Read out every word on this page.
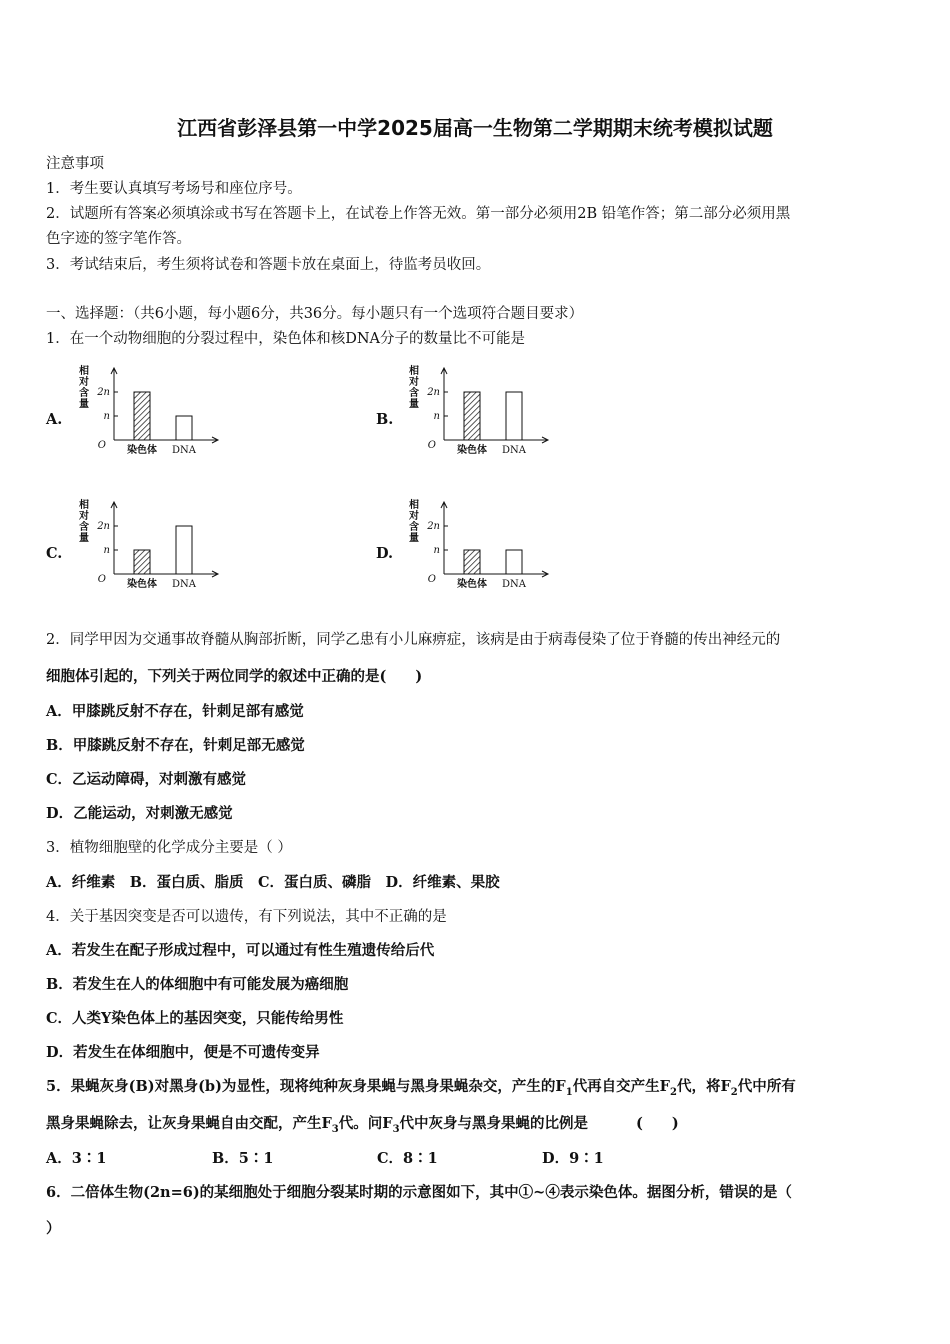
江西省彭泽县第一中学2025届高一生物第二学期期末统考模拟试题
注意事项
1．考生要认真填写考场号和座位序号。
2．试题所有答案必须填涂或书写在答题卡上，在试卷上作答无效。第一部分必须用2B 铅笔作答；第二部分必须用黑
色字迹的签字笔作答。
3．考试结束后，考生须将试卷和答题卡放在桌面上，待监考员收回。
一、选择题：（共6小题，每小题6分，共36分。每小题只有一个选项符合题目要求）
1．在一个动物细胞的分裂过程中，染色体和核DNA分子的数量比不可能是
A.	B.
C.	D.
相
对
含
量
2n
n
O 染色体 DNA
相
对
含
量
2n
n
O 染色体 DNA
相
对
含
量
2n
n
O 染色体 DNA
相
对
含
量
2n
n
O 染色体 DNA
2．同学甲因为交通事故脊髓从胸部折断，同学乙患有小儿麻痹症，该病是由于病毒侵染了位于脊髓的传出神经元的
细胞体引起的，下列关于两位同学的叙述中正确的是(　　)
A．甲膝跳反射不存在，针刺足部有感觉
B．甲膝跳反射不存在，针刺足部无感觉
C．乙运动障碍，对刺激有感觉
D．乙能运动，对刺激无感觉
3．植物细胞壁的化学成分主要是（ ）
A．纤维素　B．蛋白质、脂质　C．蛋白质、磷脂　D．纤维素、果胶
4．关于基因突变是否可以遗传，有下列说法，其中不正确的是
A．若发生在配子形成过程中，可以通过有性生殖遗传给后代
B．若发生在人的体细胞中有可能发展为癌细胞
C．人类Y染色体上的基因突变，只能传给男性
D．若发生在体细胞中，便是不可遗传变异
5．果蝇灰身(B)对黑身(b)为显性，现将纯种灰身果蝇与黑身果蝇杂交，产生的$F_1$代再自交产生$F_2$代，将$F_2$代中所有
黑身果蝇除去，让灰身果蝇自由交配，产生$F_3$代。问$F_3$代中灰身与黑身果蝇的比例是	(　　)
A．3∶1	B．5∶1	C．8∶1	D．9∶1
6．二倍体生物(2n=6)的某细胞处于细胞分裂某时期的示意图如下，其中①~④表示染色体。据图分析，错误的是（
）
